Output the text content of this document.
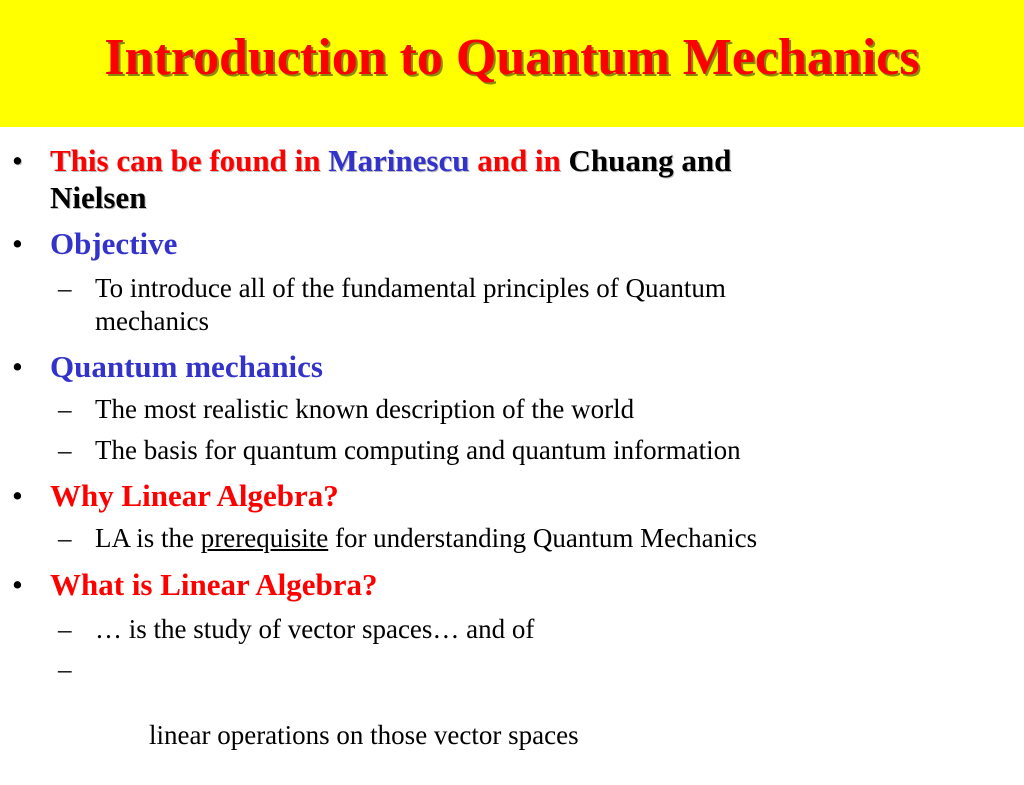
Introduction to Quantum Mechanics
• This can be found in Marinescu and in Chuang and
Nielsen
• Objective
– To introduce all of the fundamental principles of Quantum
mechanics
• Quantum mechanics
– The most realistic known description of the world
– The basis for quantum computing and quantum information
• Why Linear Algebra?
– LA is the prerequisite for understanding Quantum Mechanics
• What is Linear Algebra?
– … is the study of vector spaces… and of

–

linear operations on those vector spaces
